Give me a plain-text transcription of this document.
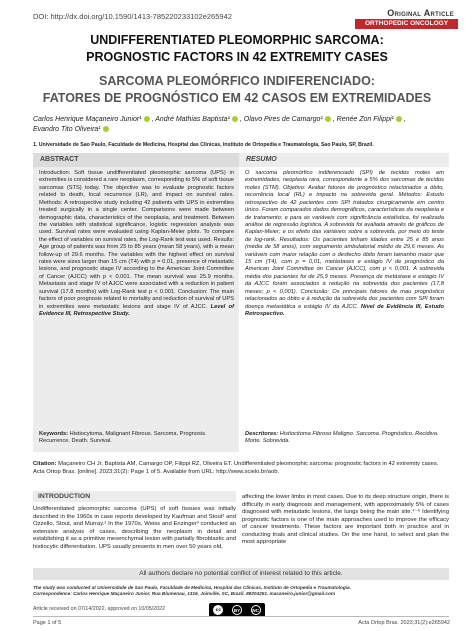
DOI: http://dx.doi.org/10.1590/1413-785220233102e265942	Original Article
ORTHOPEDIC ONCOLOGY
UNDIFFERENTIATED PLEOMORPHIC SARCOMA:
PROGNOSTIC FACTORS IN 42 EXTREMITY CASES
SARCOMA PLEOMÓRFICO INDIFERENCIADO:
FATORES DE PROGNÓSTICO EM 42 CASOS EM EXTREMIDADES
Carlos Henrique Maçaneiro Junior¹ , André Mathias Baptista¹ , Olavo Pires de Camargo¹ , Renée Zon Filippi¹ ,
Evandro Tito Oliveira¹
1. Universidade de Sao Paulo, Faculdade de Medicina, Hospital das Clinicas, Instituto de Ortopedia e Traumatologia, Sao Paulo, SP, Brazil.
ABSTRACT

Introduction: Soft tissue undifferentiated pleomorphic sarcoma (UPS) in extremities is considered a rare neoplasm, corresponding to 5% of soft tissue sarcomas (STS) today. The objective was to evaluate prognostic factors related to death, local recurrence (LR), and impact on survival rates. Methods: A retrospective study including 42 patients with UPS in extremities treated surgically in a single center. Comparisons were made between demographic data, characteristics of the neoplasia, and treatment. Between the variables with statistical significance, logistic regression analysis was used. Survival rates were evaluated using Kaplan-Meier plots. To compare the effect of variables on survival rates, the Log-Rank test was used. Results: Age group of patients was from 25 to 85 years (mean 58 years), with a mean follow-up of 29.6 months. The variables with the highest effect on survival rates were sizes larger than 15 cm (T4) with p = 0.01, presence of metastatic lesions, and prognostic stage IV according to the American Joint Committee of Cancer (AJCC) with p < 0.001. The mean survival was 25.9 months. Metastasis and stage IV of AJCC were associated with a reduction in patient survival (17.8 months) with Log-Rank test p < 0.001. Conclusion: The main factors of poor prognosis related to mortality and reduction of survival of UPS in extremities were metastatic lesions and stage IV of AJCC. Level of Evidence III, Retrospective Study.

Keywords: Histiocytoma, Malignant Fibrous. Sarcoma. Prognosis. Recurrence. Death. Survival.
RESUMO

O sarcoma pleomórfico indiferenciado (SPI) de tecidos moles em extremidades, neoplasia rara, correspondente a 5% dos sarcomas de tecidos moles (STM). Objetivo: Avaliar fatores de prognóstico relacionados a óbito, recorrência local (RL) e impacto na sobrevida geral. Métodos: Estudo retrospectivo de 42 pacientes com SPI tratados cirurgicamente em centro único. Foram comparados dados demográficos, características da neoplasia e de tratamento; e para as variáveis com significância estatística, foi realizada análise de regressão logística. A sobrevida foi avaliada através de gráficos de Kaplan-Meier; e os efeito das variáveis sobre a sobrevida, por meio do teste de log-rank. Resultados: Os pacientes tinham idades entre 25 e 85 anos (média de 58 anos), com seguimento ambulatorial médio de 29,6 meses. As variáveis com maior relação com o desfecho óbito foram tamanho maior que 15 cm (T4), com p = 0,01, metástases e estágio IV de prognóstico da American Joint Committee on Cancer (AJCC), com p < 0,001. A sobrevida média dos pacientes foi de 25,9 meses. Presença de metástase e estágio IV da AJCC foram associados à redução na sobrevida dos pacientes (17,8 meses; p < 0,001). Conclusão: Os principais fatores de mau prognóstico relacionados ao óbito e à redução da sobrevida dos pacientes com SPI foram doença metastática e estágio IV da AJCC. Nível de Evidência III, Estudo Retrospectivo.

Descritores: Histiocitoma Fibroso Maligno. Sarcoma. Prognóstico. Recidiva. Morte. Sobrevida.
Citation: Maçaneiro CH Jr, Baptista AM, Camargo OP, Filippi RZ, Oliveira ET. Undifferentiated pleomorphic sarcoma: prognostic factors in 42 extremity cases. Acta Ortop Bras. [online]. 2023;31(2): Page 1 of 5. Available from URL: http://www.scielo.br/aob.
INTRODUCTION

Undifferentiated pleomorphic sarcoma (UPS) of soft tissues was initially described in the 1960s in case reports developed by Kaufman and Stout¹ and Ozzello, Stout, and Murray.² In the 1970s, Weiss and Enzinger³ conducted an extensive analysis of cases, describing the neoplasm in detail and establishing it as a primitive mesenchymal lesion with partially fibroblastic and histiocytic differentiation. UPS usually presents in men over 50 years old,

affecting the lower limbs in most cases. Due to its deep structure origin, there is difficulty in early diagnosis and management, with approximately 5% of cases diagnosed with metastatic lesions, the lungs being the main site.⁴⁻⁶ Identifying prognostic factors is one of the main approaches used to improve the efficacy of cancer treatments. These factors are important both in practice and in conducting trials and clinical studies. On the one hand, to select and plan the most appropriate

All authors declare no potential conflict of interest related to this article.
The study was conducted at Universidade de Sao Paulo, Faculdade de Medicina, Hospital das Clinicas, Instituto de Ortopedia e Traumatologia.
Correspondence: Carlos Henrique Maçaneiro Junior. Rua Blumenau, 1316, Joinville, SC, Brazil. 89204251. macaneiro.junior@gmail.com
Article received on 07/14/2022, approved on 10/05/2022	cc	BY	NC
Page 1 of 5	Acta Ortop Bras. 2023;31(2):e265942
